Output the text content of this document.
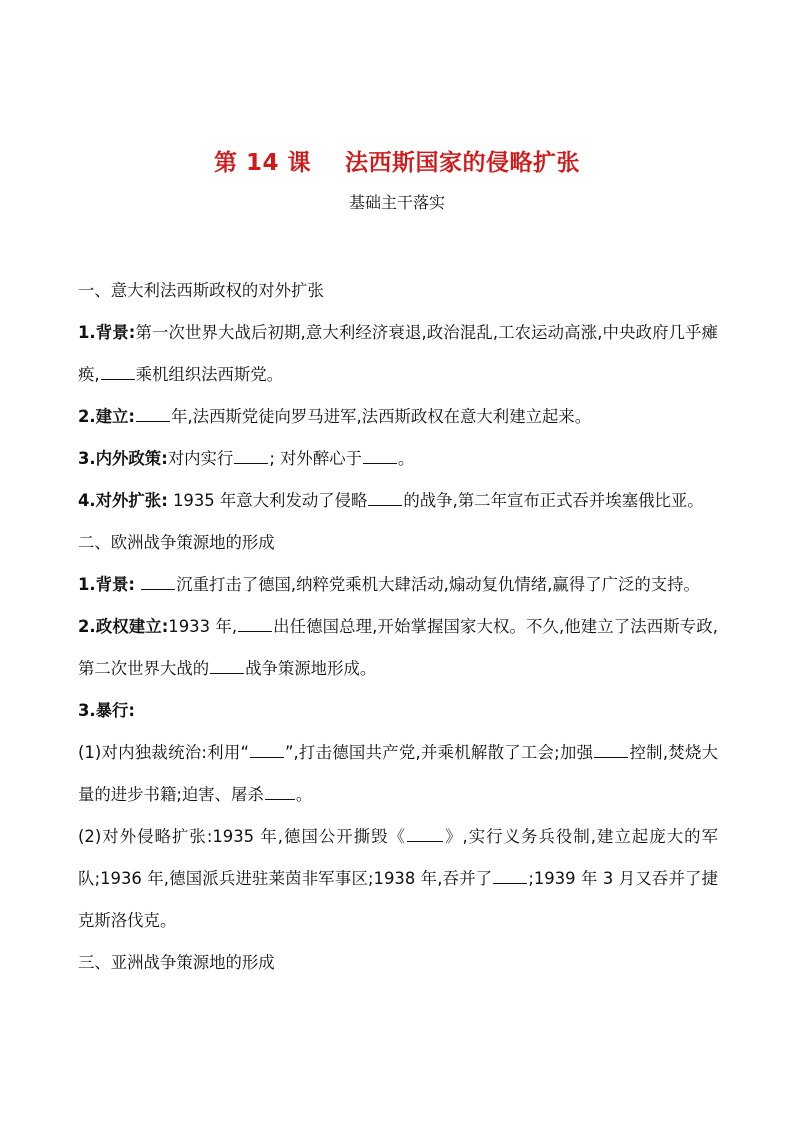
第 14 课    法西斯国家的侵略扩张
基础主干落实
一、意大利法西斯政权的对外扩张

1.背景:第一次世界大战后初期,意大利经济衰退,政治混乱,工农运动高涨,中央政府几乎瘫痪, 乘机组织法西斯党。

2.建立: 年,法西斯党徒向罗马进军,法西斯政权在意大利建立起来。

3.内外政策:对内实行 ; 对外醉心于 。

4.对外扩张: 1935 年意大利发动了侵略 的战争,第二年宣布正式吞并埃塞俄比亚。

二、欧洲战争策源地的形成

1.背景:	沉重打击了德国,纳粹党乘机大肆活动,煽动复仇情绪,赢得了广泛的支持。

2.政权建立:1933 年, 出任德国总理,开始掌握国家大权。不久,他建立了法西斯专政,第二次世界大战的 战争策源地形成。

3.暴行:

(1)对内独裁统治:利用“ ”,打击德国共产党,并乘机解散了工会;加强 控制,焚烧大量的进步书籍;迫害、屠杀 。

(2)对外侵略扩张:1935 年,德国公开撕毁《 》,实行义务兵役制,建立起庞大的军队;1936 年,德国派兵进驻莱茵非军事区;1938 年,吞并了 ;1939 年 3 月又吞并了捷克斯洛伐克。

三、亚洲战争策源地的形成
